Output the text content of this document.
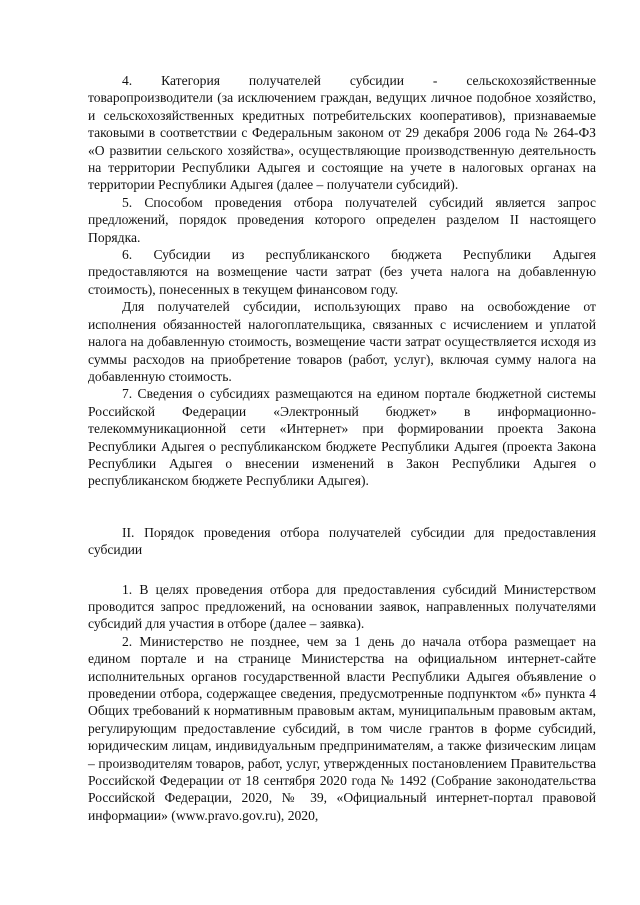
4.      Категория      получателей      субсидии      -      сельскохозяйственные товаропроизводители (за исключением граждан, ведущих личное подобное хозяйство, и сельскохозяйственных кредитных потребительских кооперативов), признаваемые таковыми в соответствии с Федеральным законом от 29 декабря 2006 года № 264-ФЗ «О развитии сельского хозяйства», осуществляющие производственную деятельность на территории Республики Адыгея и состоящие на учете в налоговых органах на территории Республики Адыгея (далее – получатели субсидий).

5. Способом проведения отбора получателей субсидий является запрос предложений, порядок проведения которого определен разделом II настоящего Порядка.

6.     Субсидии     из     республиканского     бюджета     Республики     Адыгея предоставляются на возмещение части затрат (без учета налога на добавленную стоимость), понесенных в текущем финансовом году.

Для получателей субсидии, использующих право на освобождение от исполнения обязанностей налогоплательщика, связанных с исчислением и уплатой налога на добавленную стоимость, возмещение части затрат осуществляется исходя из суммы расходов на приобретение товаров (работ, услуг), включая сумму налога на добавленную стоимость.

7. Сведения о субсидиях размещаются на едином портале бюджетной системы Российской Федерации «Электронный бюджет» в информационно-телекоммуникационной сети «Интернет» при формировании проекта Закона Республики Адыгея о республиканском бюджете Республики Адыгея (проекта Закона Республики Адыгея о внесении изменений в Закон Республики Адыгея о республиканском бюджете Республики Адыгея).

II. Порядок проведения отбора получателей субсидии для предоставления субсидии

1. В целях проведения отбора для предоставления субсидий Министерством проводится запрос предложений, на основании заявок, направленных получателями субсидий для участия в отборе (далее – заявка).

2. Министерство не позднее, чем за 1 день до начала отбора размещает на едином портале и на странице Министерства на официальном интернет-сайте исполнительных органов государственной власти Республики Адыгея объявление о проведении отбора, содержащее сведения, предусмотренные подпунктом «б» пункта 4 Общих требований к нормативным правовым актам, муниципальным правовым актам, регулирующим предоставление субсидий, в том числе грантов в форме субсидий, юридическим лицам, индивидуальным предпринимателям, а также физическим лицам – производителям товаров, работ, услуг, утвержденных постановлением Правительства Российской Федерации от 18 сентября 2020 года № 1492 (Собрание законодательства Российской Федерации, 2020, № 39, «Официальный интернет-портал правовой информации» (www.pravo.gov.ru), 2020,
